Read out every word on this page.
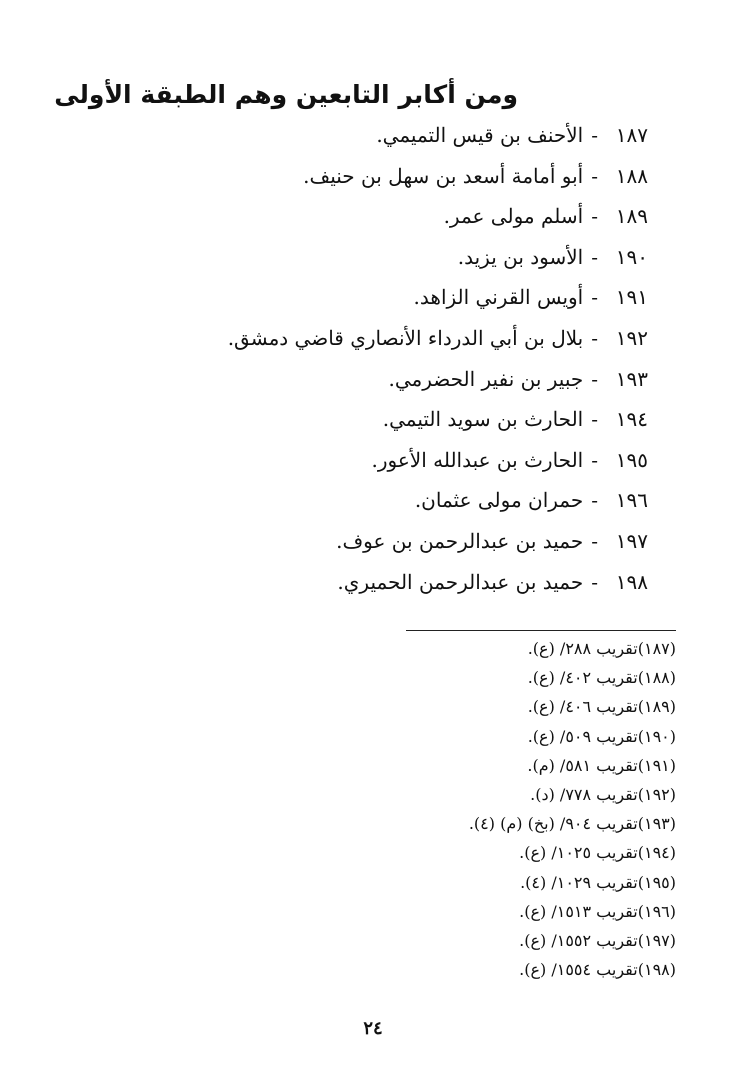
ومن أكابر التابعين وهم الطبقة الأولى
١٨٧-الأحنف بن قيس التميمي.
١٨٨-أبو أمامة أسعد بن سهل بن حنيف.
١٨٩-أسلم مولى عمر.
١٩٠-الأسود بن يزيد.
١٩١-أويس القرني الزاهد.
١٩٢-بلال بن أبي الدرداء الأنصاري قاضي دمشق.
١٩٣-جبير بن نفير الحضرمي.
١٩٤-الحارث بن سويد التيمي.
١٩٥-الحارث بن عبدالله الأعور.
١٩٦-حمران مولى عثمان.
١٩٧-حميد بن عبدالرحمن بن عوف.
١٩٨-حميد بن عبدالرحمن الحميري.
(١٨٧)تقريب ٢٨٨/ (ع).
(١٨٨)تقريب ٤٠٢/ (ع).
(١٨٩)تقريب ٤٠٦/ (ع).
(١٩٠)تقريب ٥٠٩/ (ع).
(١٩١)تقريب ٥٨١/ (م).
(١٩٢)تقريب ٧٧٨/ (د).
(١٩٣)تقريب ٩٠٤/ (بخ) (م) (٤).
(١٩٤)تقريب ١٠٢٥/ (ع).
(١٩٥)تقريب ١٠٢٩/ (٤).
(١٩٦)تقريب ١٥١٣/ (ع).
(١٩٧)تقريب ١٥٥٢/ (ع).
(١٩٨)تقريب ١٥٥٤/ (ع).
٢٤
